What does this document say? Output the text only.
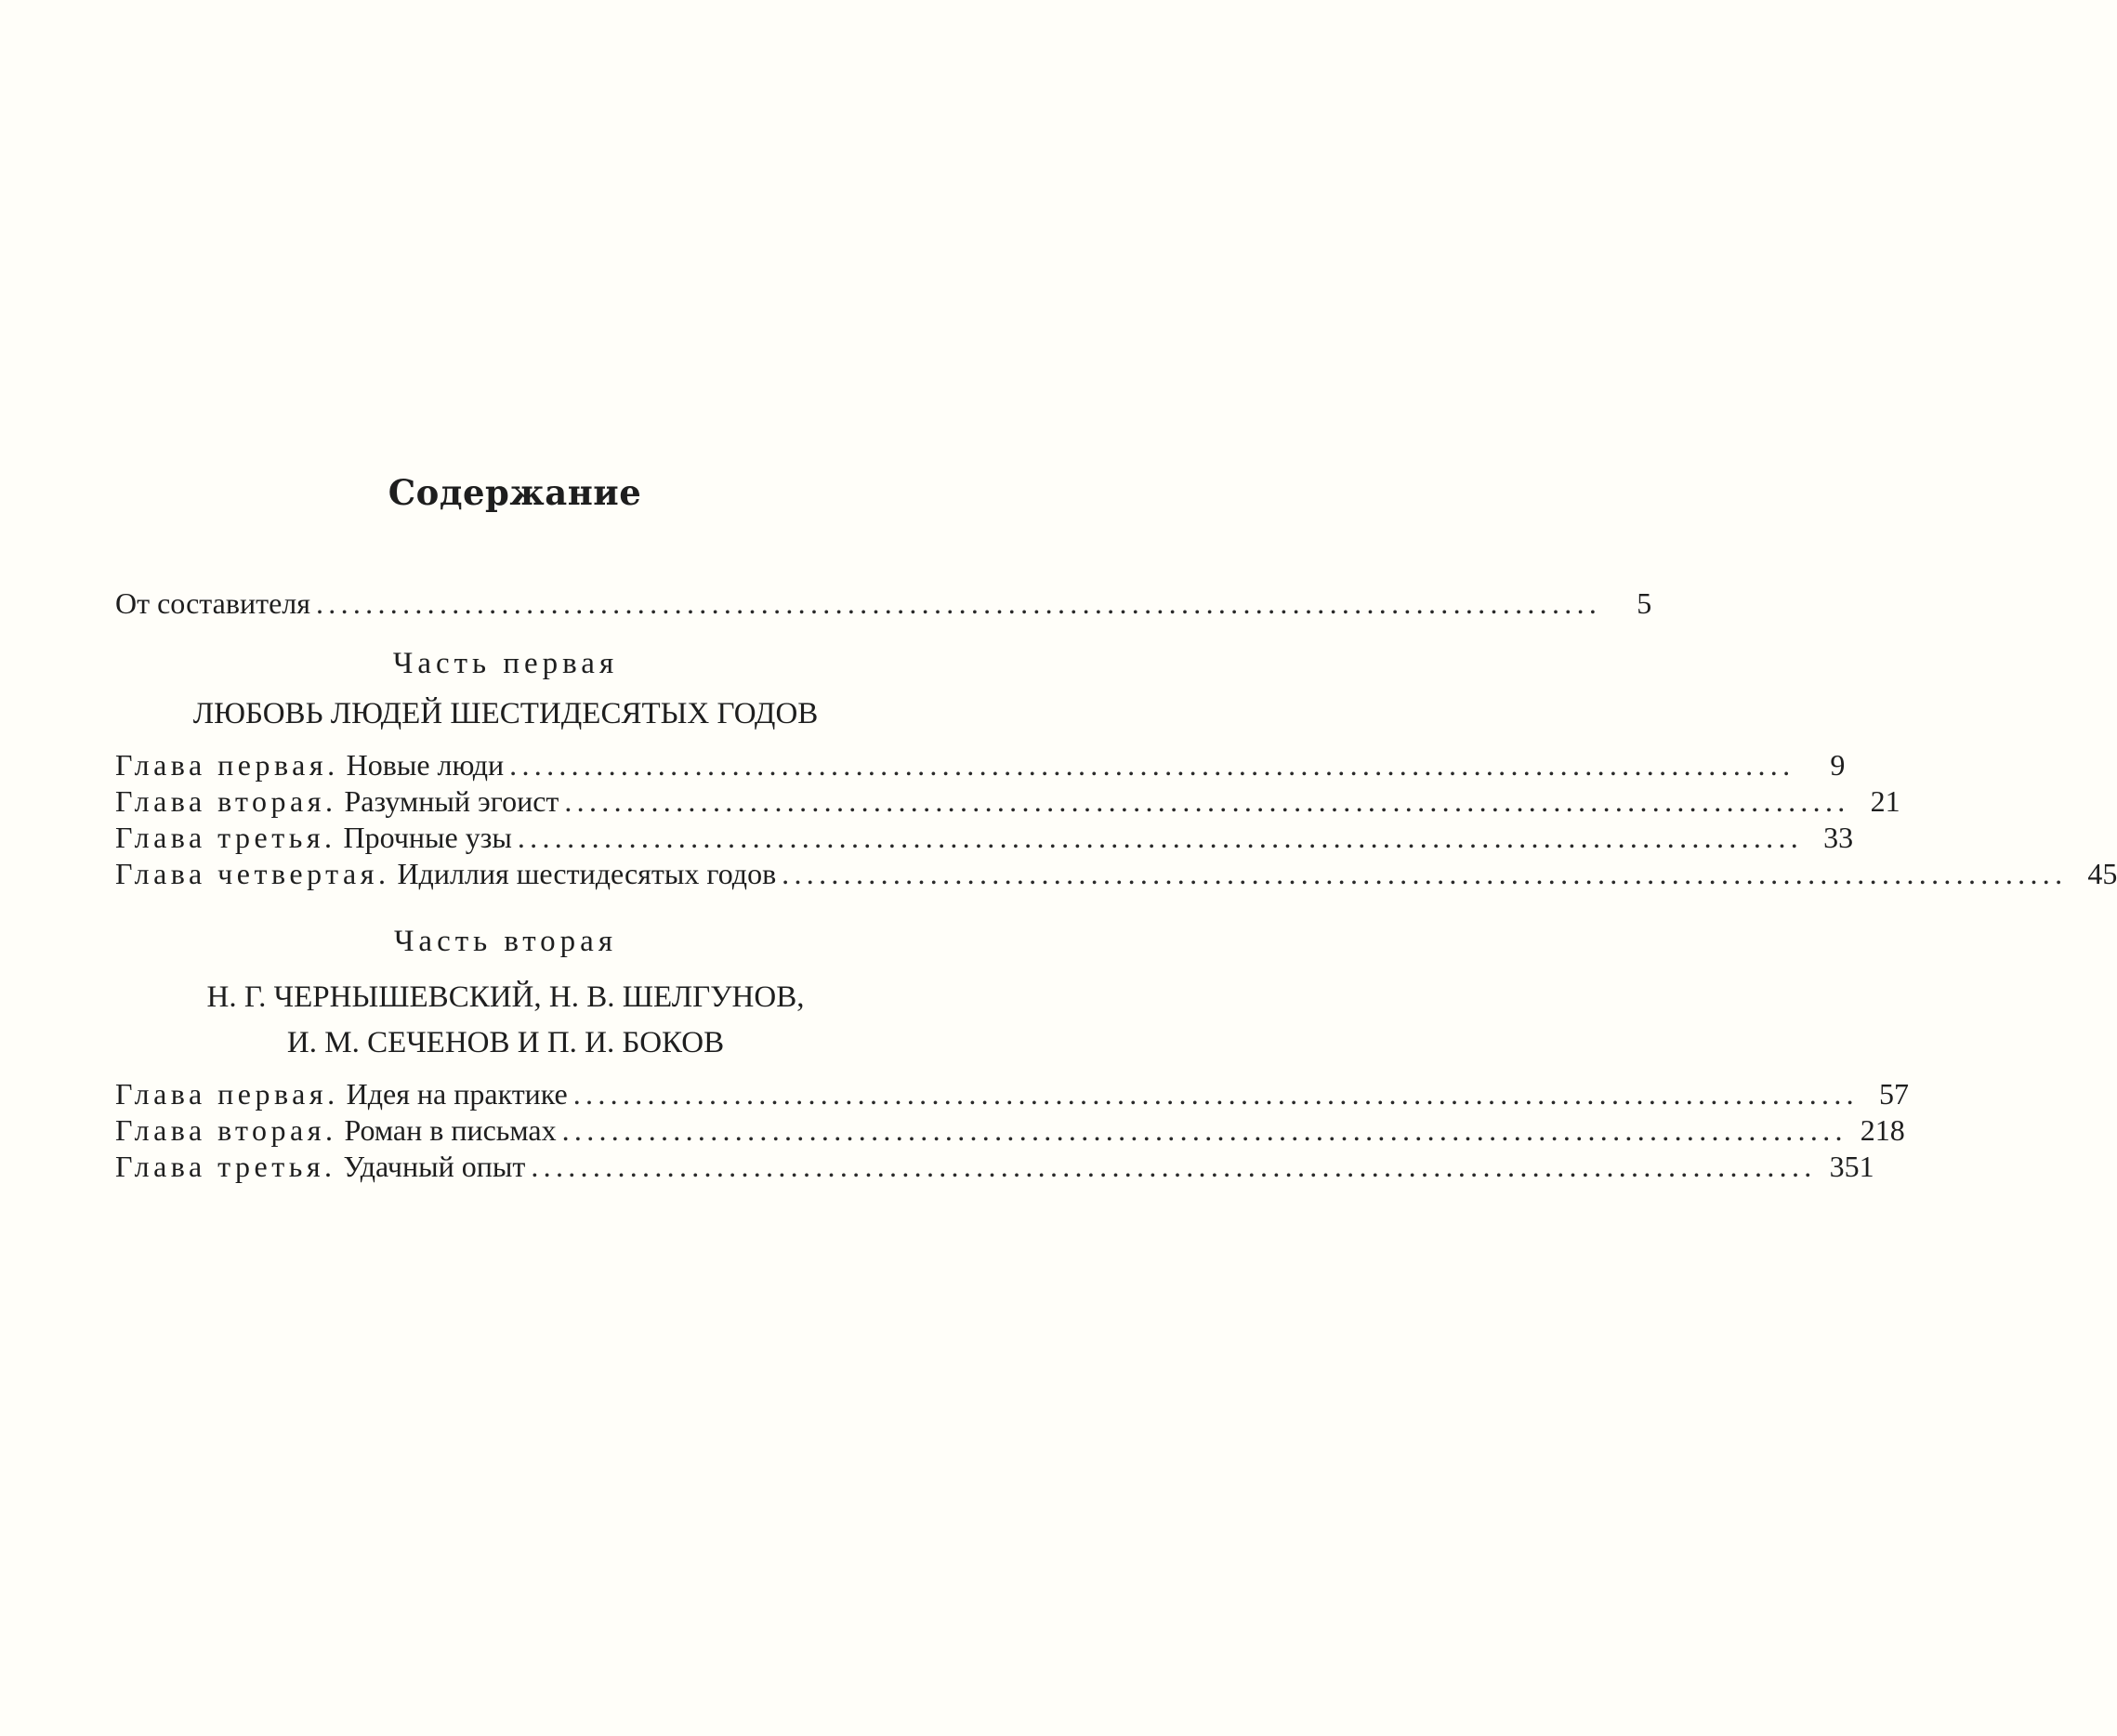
Содержание
От составителя ........................................................................................................	5
Часть первая
ЛЮБОВЬ ЛЮДЕЙ ШЕСТИДЕСЯТЫХ ГОДОВ
Глава первая. Новые люди ........................................................................................................	9
Глава вторая. Разумный эгоист ........................................................................................................ 21
Глава третья. Прочные узы ........................................................................................................ 33
Глава четвертая. Идиллия шестидесятых годов ........................................................................................................ 45
Часть вторая
Н. Г. ЧЕРНЫШЕВСКИЙ, Н. В. ШЕЛГУНОВ,
И. М. СЕЧЕНОВ И П. И. БОКОВ
Глава первая. Идея на практике ........................................................................................................ 57
Глава вторая. Роман в письмах ........................................................................................................ 218
Глава третья. Удачный опыт ........................................................................................................ 351
